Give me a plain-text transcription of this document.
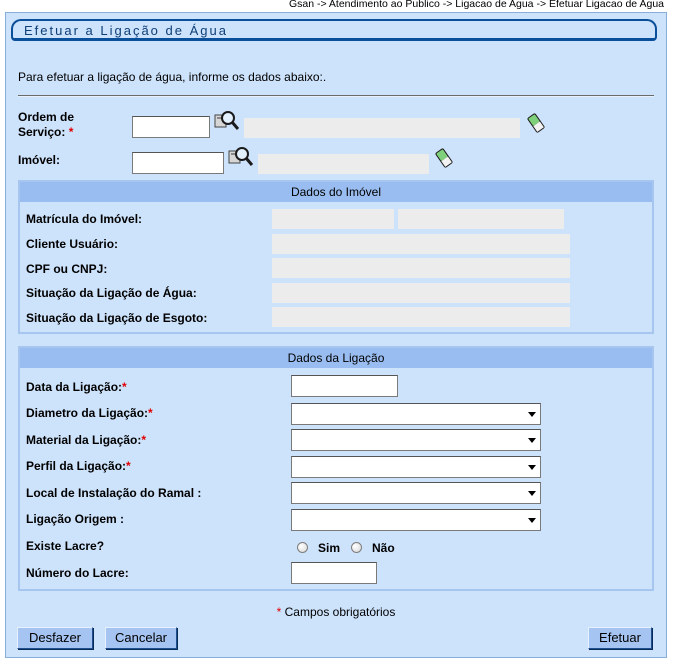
Gsan -> Atendimento ao Publico -> Ligacao de Agua -> Efetuar Ligacao de Agua
Efetuar a Ligação de Água
Para efetuar a ligação de água, informe os dados abaixo:.
Ordem de
Serviço: *
Imóvel:
Dados do Imóvel
Matrícula do Imóvel:
Cliente Usuário:
CPF ou CNPJ:
Situação da Ligação de Água:
Situação da Ligação de Esgoto:
Dados da Ligação
Data da Ligação:*
Diametro da Ligação:*
Material da Ligação:*
Perfil da Ligação:*
Local de Instalação do Ramal :
Ligação Origem :
Existe Lacre?	Sim	Não
Número do Lacre:
* Campos obrigatórios
Desfazer	Cancelar	Efetuar
